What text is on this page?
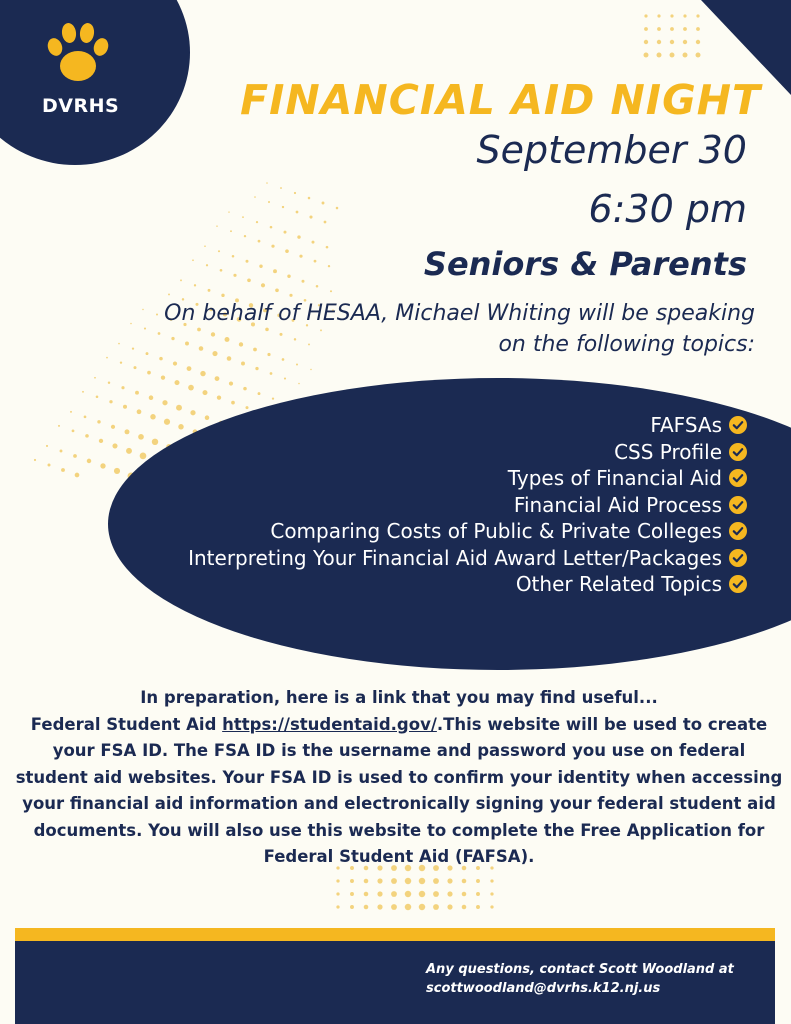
DVRHS	FINANCIAL AID NIGHT
September 30
6:30 pm
Seniors & Parents
On behalf of HESAA, Michael Whiting will be speaking on the following topics:
FAFSAs
CSS Profile
Types of Financial Aid
Financial Aid Process
Comparing Costs of Public & Private Colleges
Interpreting Your Financial Aid Award Letter/Packages
Other Related Topics
In preparation, here is a link that you may find useful...
Federal Student Aid https://studentaid.gov/.This website will be used to create your FSA ID. The FSA ID is the username and password you use on federal student aid websites. Your FSA ID is used to confirm your identity when accessing your financial aid information and electronically signing your federal student aid documents. You will also use this website to complete the Free Application for Federal Student Aid (FAFSA).
Any questions, contact Scott Woodland at
scottwoodland@dvrhs.k12.nj.us
